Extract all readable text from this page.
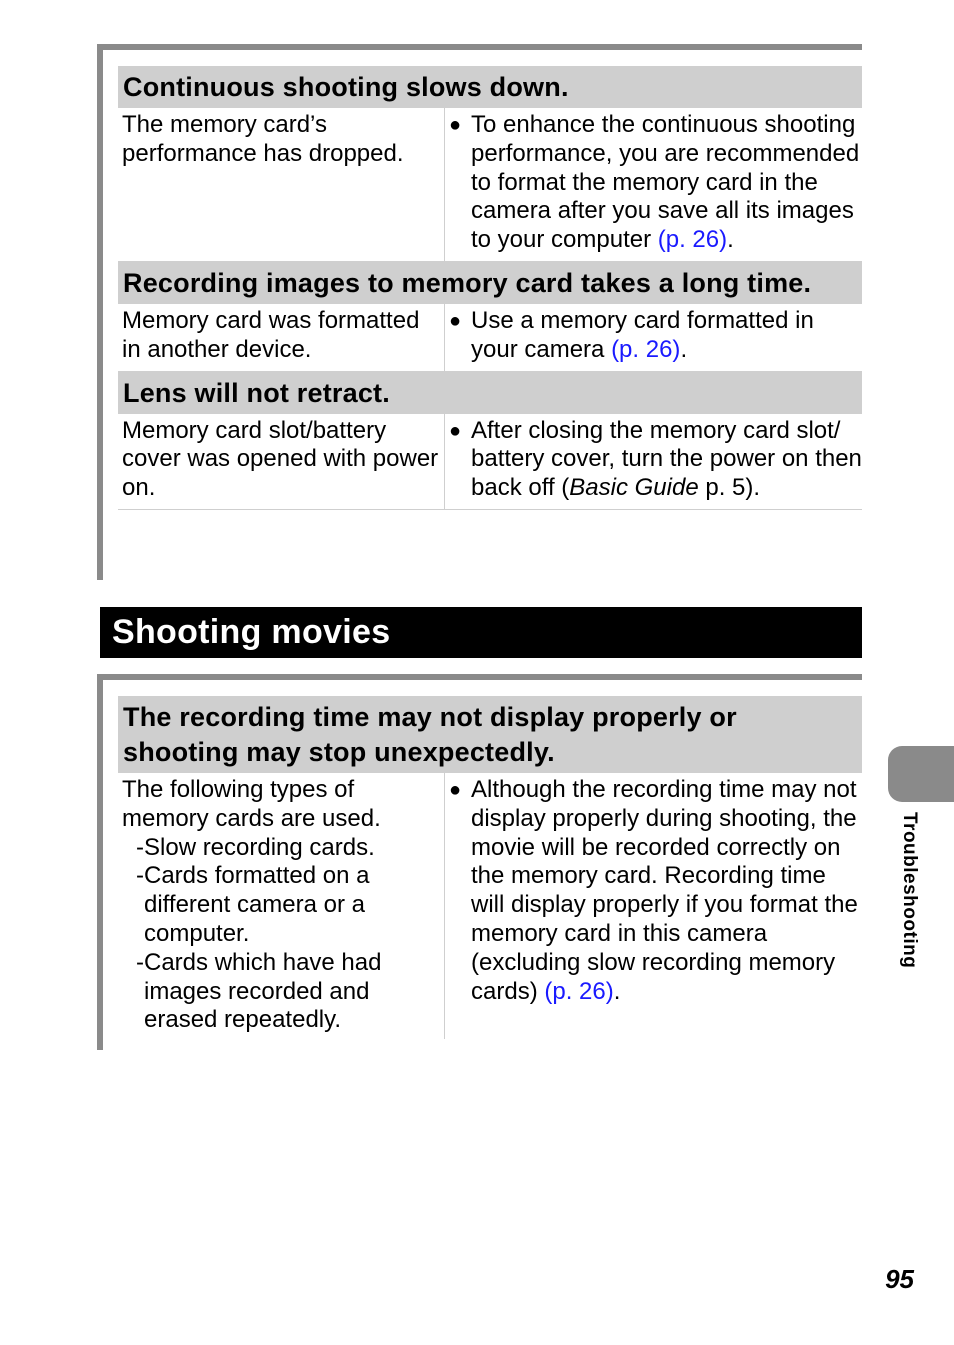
Continuous shooting slows down.
The memory card’s performance has dropped.
● To enhance the continuous shooting performance, you are recommended to format the memory card in the camera after you save all its images to your computer (p. 26).
Recording images to memory card takes a long time.
Memory card was formatted in another device.
● Use a memory card formatted in your camera (p. 26).
Lens will not retract.
Memory card slot/battery cover was opened with power on.
● After closing the memory card slot/ battery cover, turn the power on then back off (Basic Guide p. 5).
Shooting movies
The recording time may not display properly or shooting may stop unexpectedly.
The following types of memory cards are used.
- Slow recording cards.
- Cards formatted on a different camera or a computer.
- Cards which have had images recorded and erased repeatedly.
● Although the recording time may not display properly during shooting, the movie will be recorded correctly on the memory card. Recording time will display properly if you format the memory card in this camera (excluding slow recording memory cards) (p. 26).
Troubleshooting
95
